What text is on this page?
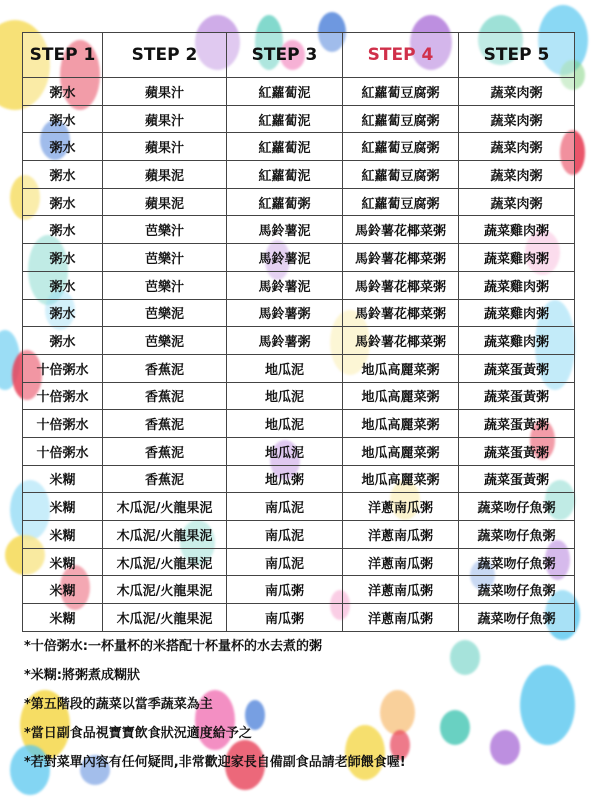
STEP 1	STEP 2	STEP 3	STEP 4	STEP 5
粥水	蘋果汁	紅蘿蔔泥	紅蘿蔔豆腐粥	蔬菜肉粥
粥水	蘋果汁	紅蘿蔔泥	紅蘿蔔豆腐粥	蔬菜肉粥
粥水	蘋果汁	紅蘿蔔泥	紅蘿蔔豆腐粥	蔬菜肉粥
粥水	蘋果泥	紅蘿蔔泥	紅蘿蔔豆腐粥	蔬菜肉粥
粥水	蘋果泥	紅蘿蔔粥	紅蘿蔔豆腐粥	蔬菜肉粥
粥水	芭樂汁	馬鈴薯泥	馬鈴薯花椰菜粥	蔬菜雞肉粥
粥水	芭樂汁	馬鈴薯泥	馬鈴薯花椰菜粥	蔬菜雞肉粥
粥水	芭樂汁	馬鈴薯泥	馬鈴薯花椰菜粥	蔬菜雞肉粥
粥水	芭樂泥	馬鈴薯粥	馬鈴薯花椰菜粥	蔬菜雞肉粥
粥水	芭樂泥	馬鈴薯粥	馬鈴薯花椰菜粥	蔬菜雞肉粥
十倍粥水	香蕉泥	地瓜泥	地瓜高麗菜粥	蔬菜蛋黃粥
十倍粥水	香蕉泥	地瓜泥	地瓜高麗菜粥	蔬菜蛋黃粥
十倍粥水	香蕉泥	地瓜泥	地瓜高麗菜粥	蔬菜蛋黃粥
十倍粥水	香蕉泥	地瓜泥	地瓜高麗菜粥	蔬菜蛋黃粥
米糊	香蕉泥	地瓜粥	地瓜高麗菜粥	蔬菜蛋黃粥
米糊	木瓜泥/火龍果泥	南瓜泥	洋蔥南瓜粥	蔬菜吻仔魚粥
米糊	木瓜泥/火龍果泥	南瓜泥	洋蔥南瓜粥	蔬菜吻仔魚粥
米糊	木瓜泥/火龍果泥	南瓜泥	洋蔥南瓜粥	蔬菜吻仔魚粥
米糊	木瓜泥/火龍果泥	南瓜粥	洋蔥南瓜粥	蔬菜吻仔魚粥
米糊	木瓜泥/火龍果泥	南瓜粥	洋蔥南瓜粥	蔬菜吻仔魚粥
*十倍粥水:一杯量杯的米搭配十杯量杯的水去煮的粥
*米糊:將粥煮成糊狀
*第五階段的蔬菜以當季蔬菜為主
*當日副食品視寶寶飲食狀況適度給予之
*若對菜單內容有任何疑問,非常歡迎家長自備副食品請老師餵食喔!
